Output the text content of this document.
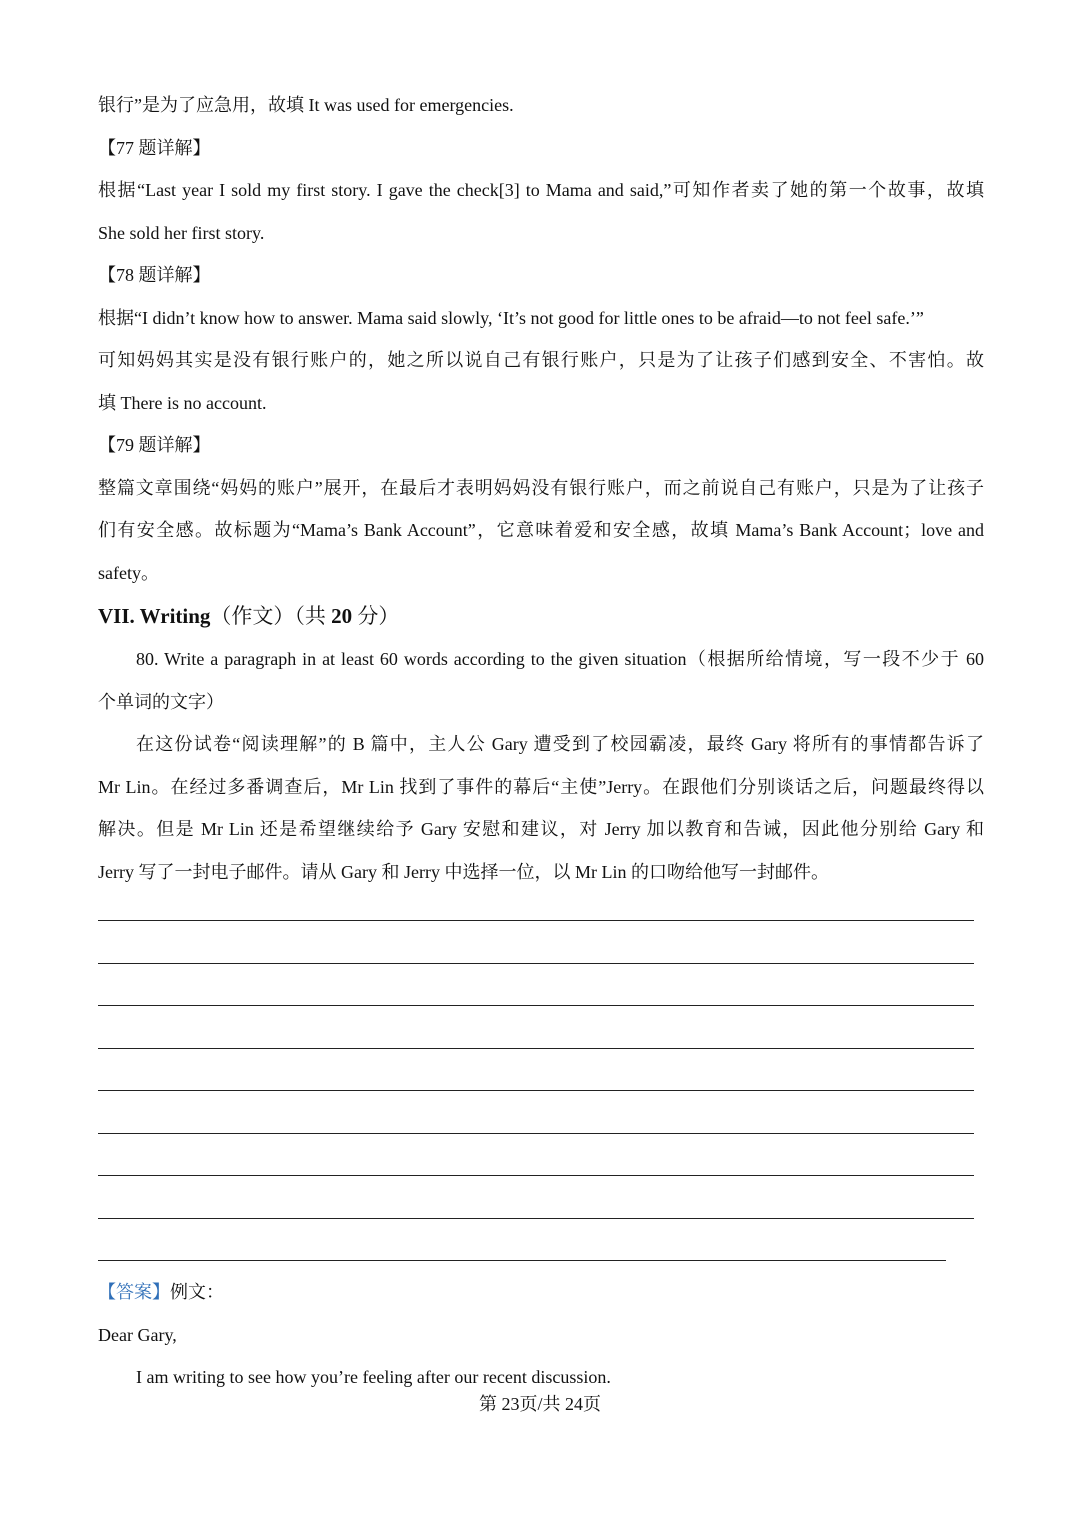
银行”是为了应急用，故填 It was used for emergencies.

【77 题详解】

根据“Last year I sold my first story. I gave the check[3] to Mama and said,”可知作者卖了她的第一个故事，故填

She sold her first story.

【78 题详解】

根据“I didn’t know how to answer. Mama said slowly, ‘It’s not good for little ones to be afraid—to not feel safe.’”

可知妈妈其实是没有银行账户的，她之所以说自己有银行账户，只是为了让孩子们感到安全、不害怕。故

填 There is no account.

【79 题详解】

整篇文章围绕“妈妈的账户”展开，在最后才表明妈妈没有银行账户，而之前说自己有账户，只是为了让孩子

们有安全感。故标题为“Mama’s Bank Account”，它意味着爱和安全感，故填 Mama’s Bank Account；love and

safety。

VII. Writing（作文）（共 20 分）

80. Write a paragraph in at least 60 words according to the given situation（根据所给情境，写一段不少于 60

个单词的文字）

在这份试卷“阅读理解”的 B 篇中，主人公 Gary 遭受到了校园霸凌，最终 Gary 将所有的事情都告诉了

Mr Lin。在经过多番调查后，Mr Lin 找到了事件的幕后“主使”Jerry。在跟他们分别谈话之后，问题最终得以

解决。但是 Mr Lin 还是希望继续给予 Gary 安慰和建议，对 Jerry 加以教育和告诫，因此他分别给 Gary 和

Jerry 写了一封电子邮件。请从 Gary 和 Jerry 中选择一位，以 Mr Lin 的口吻给他写一封邮件。

【答案】例文：

Dear Gary,

I am writing to see how you’re feeling after our recent discussion.

第 23页/共 24页
